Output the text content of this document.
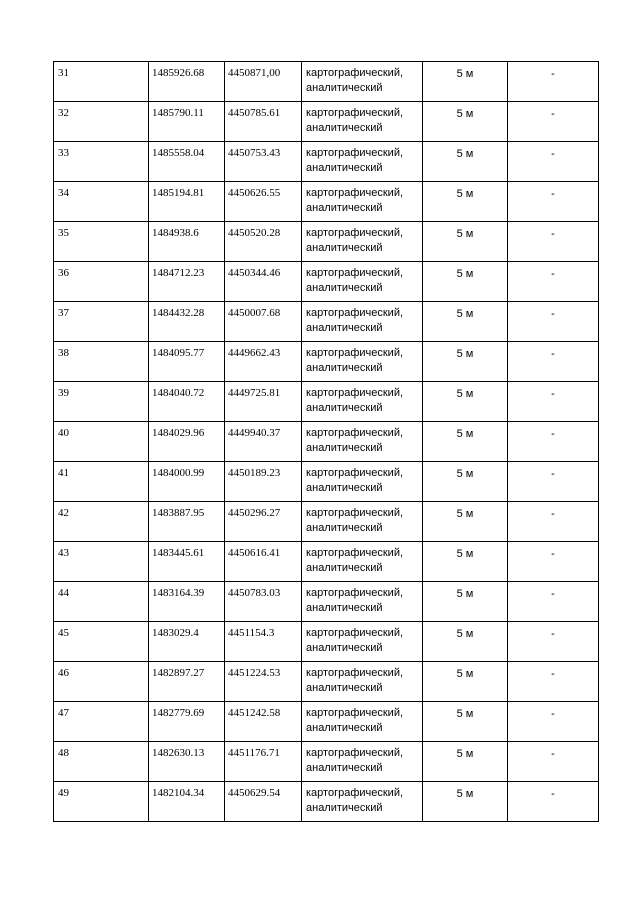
31	1485926.68	4450871,00	картографический,
аналитический	5 м	-
32	1485790.11	4450785.61	картографический,
аналитический	5 м	-
33	1485558.04	4450753.43	картографический,
аналитический	5 м	-
34	1485194.81	4450626.55	картографический,
аналитический	5 м	-
35	1484938.6	4450520.28	картографический,
аналитический	5 м	-
36	1484712.23	4450344.46	картографический,
аналитический	5 м	-
37	1484432.28	4450007.68	картографический,
аналитический	5 м	-
38	1484095.77	4449662.43	картографический,
аналитический	5 м	-
39	1484040.72	4449725.81	картографический,
аналитический	5 м	-
40	1484029.96	4449940.37	картографический,
аналитический	5 м	-
41	1484000.99	4450189.23	картографический,
аналитический	5 м	-
42	1483887.95	4450296.27	картографический,
аналитический	5 м	-
43	1483445.61	4450616.41	картографический,
аналитический	5 м	-
44	1483164.39	4450783.03	картографический,
аналитический	5 м	-
45	1483029.4	4451154.3	картографический,
аналитический	5 м	-
46	1482897.27	4451224.53	картографический,
аналитический	5 м	-
47	1482779.69	4451242.58	картографический,
аналитический	5 м	-
48	1482630.13	4451176.71	картографический,
аналитический	5 м	-
49	1482104.34	4450629.54	картографический,
аналитический	5 м	-
